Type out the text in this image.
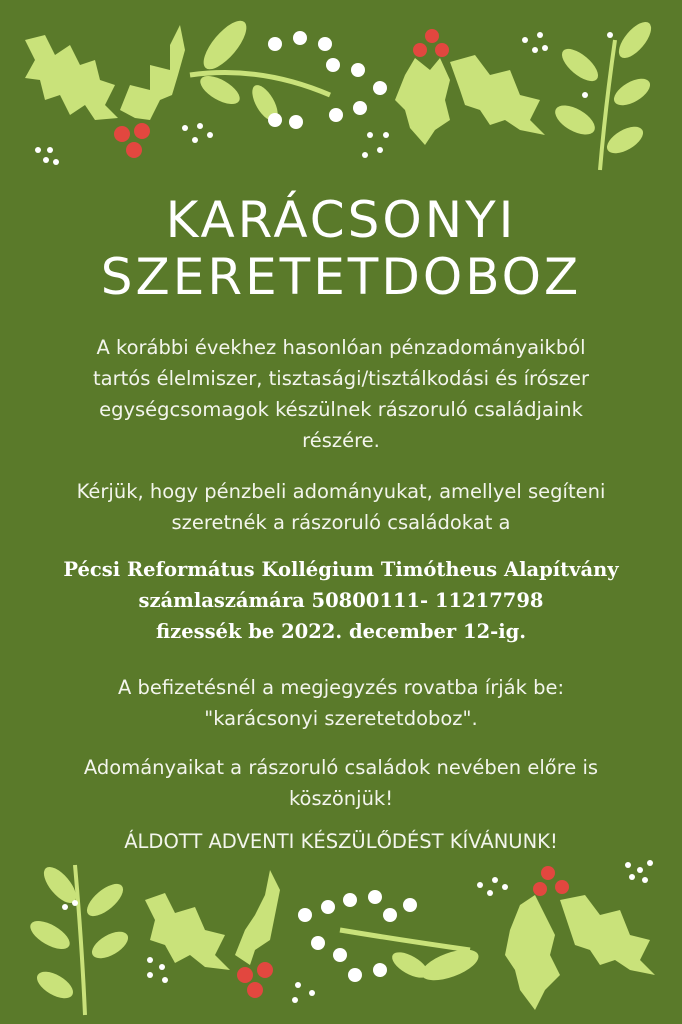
KARÁCSONYI
SZERETETDOBOZ

A korábbi évekhez hasonlóan pénzadományaikból
tartós élelmiszer, tisztasági/tisztálkodási és írószer
egységcsomagok készülnek rászoruló családjaink
részére.

Kérjük, hogy pénzbeli adományukat, amellyel segíteni
szeretnék a rászoruló családokat a

Pécsi Református Kollégium Timótheus Alapítvány
számlaszámára 50800111- 11217798
fizessék be 2022. december 12-ig.

A befizetésnél a megjegyzés rovatba írják be:
"karácsonyi szeretetdoboz".

Adományaikat a rászoruló családok nevében előre is
köszönjük!

ÁLDOTT ADVENTI KÉSZÜLŐDÉST KÍVÁNUNK!
